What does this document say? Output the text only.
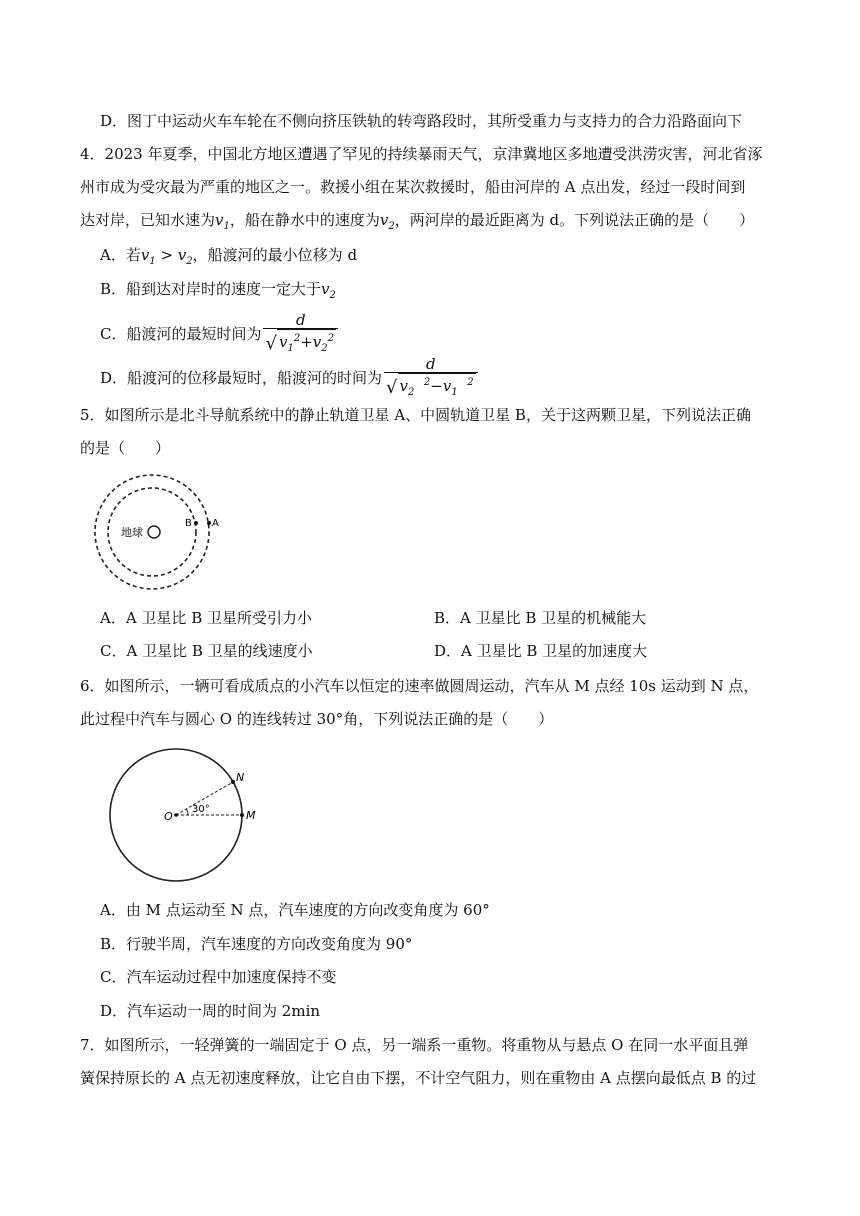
D．图丁中运动火车车轮在不侧向挤压铁轨的转弯路段时，其所受重力与支持力的合力沿路面向下
4．2023 年夏季，中国北方地区遭遇了罕见的持续暴雨天气，京津冀地区多地遭受洪涝灾害，河北省涿
州市成为受灾最为严重的地区之一。救援小组在某次救援时，船由河岸的 A 点出发，经过一段时间到
达对岸，已知水速为$v_1$，船在静水中的速度为$v_2$，两河岸的最近距离为 d。下列说法正确的是（　　）
A．若$v_1 > v_2$，船渡河的最小位移为 d
B．船到达对岸时的速度一定大于$v_2$
C．船渡河的最短时间为 $\frac{d}{√ v_1^2+v_2^2}$
D．船渡河的位移最短时，船渡河的时间为 $\frac{d}{√ v_2 ^2-v_1 ^2}$
5．如图所示是北斗导航系统中的静止轨道卫星 A、中圆轨道卫星 B，关于这两颗卫星，下列说法正确
的是（　　）
地球
B A
A．A 卫星比 B 卫星所受引力小	B．A 卫星比 B 卫星的机械能大
C．A 卫星比 B 卫星的线速度小	D．A 卫星比 B 卫星的加速度大
6．如图所示，一辆可看成质点的小汽车以恒定的速率做圆周运动，汽车从 M 点经 10s 运动到 N 点，
此过程中汽车与圆心 O 的连线转过 30°角，下列说法正确的是（　　）
O
N
M
30°
A．由 M 点运动至 N 点，汽车速度的方向改变角度为 60°
B．行驶半周，汽车速度的方向改变角度为 90°
C．汽车运动过程中加速度保持不变
D．汽车运动一周的时间为 2min
7．如图所示，一轻弹簧的一端固定于 O 点，另一端系一重物。将重物从与悬点 O 在同一水平面且弹
簧保持原长的 A 点无初速度释放，让它自由下摆，不计空气阻力，则在重物由 A 点摆向最低点 B 的过
